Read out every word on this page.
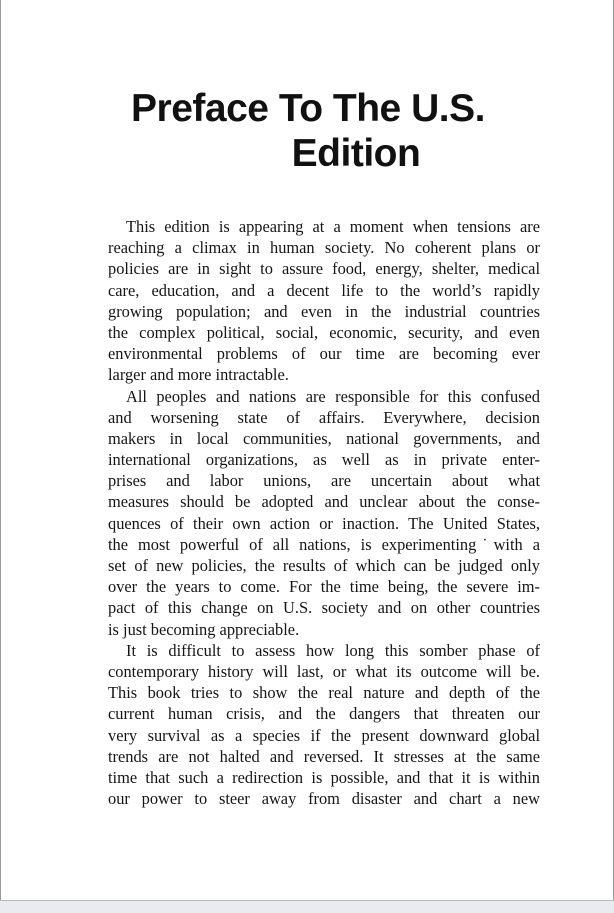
Preface To The U.S.
Edition
This edition is appearing at a moment when tensions are
reaching a climax in human society. No coherent plans or
policies are in sight to assure food, energy, shelter, medical
care, education, and a decent life to the world’s rapidly
growing population; and even in the industrial countries
the complex political, social, economic, security, and even
environmental problems of our time are becoming ever
larger and more intractable.
All peoples and nations are responsible for this confused
and worsening state of affairs. Everywhere, decision
makers in local communities, national governments, and
international organizations, as well as in private enter-
prises and labor unions, are uncertain about what
measures should be adopted and unclear about the conse-
quences of their own action or inaction. The United States,
the most powerful of all nations, is experimenting˙with a
set of new policies, the results of which can be judged only
over the years to come. For the time being, the severe im-
pact of this change on U.S. society and on other countries
is just becoming appreciable.
It is difficult to assess how long this somber phase of
contemporary history will last, or what its outcome will be.
This book tries to show the real nature and depth of the
current human crisis, and the dangers that threaten our
very survival as a species if the present downward global
trends are not halted and reversed. It stresses at the same
time that such a redirection is possible, and that it is within
our power to steer away from disaster and chart a new
